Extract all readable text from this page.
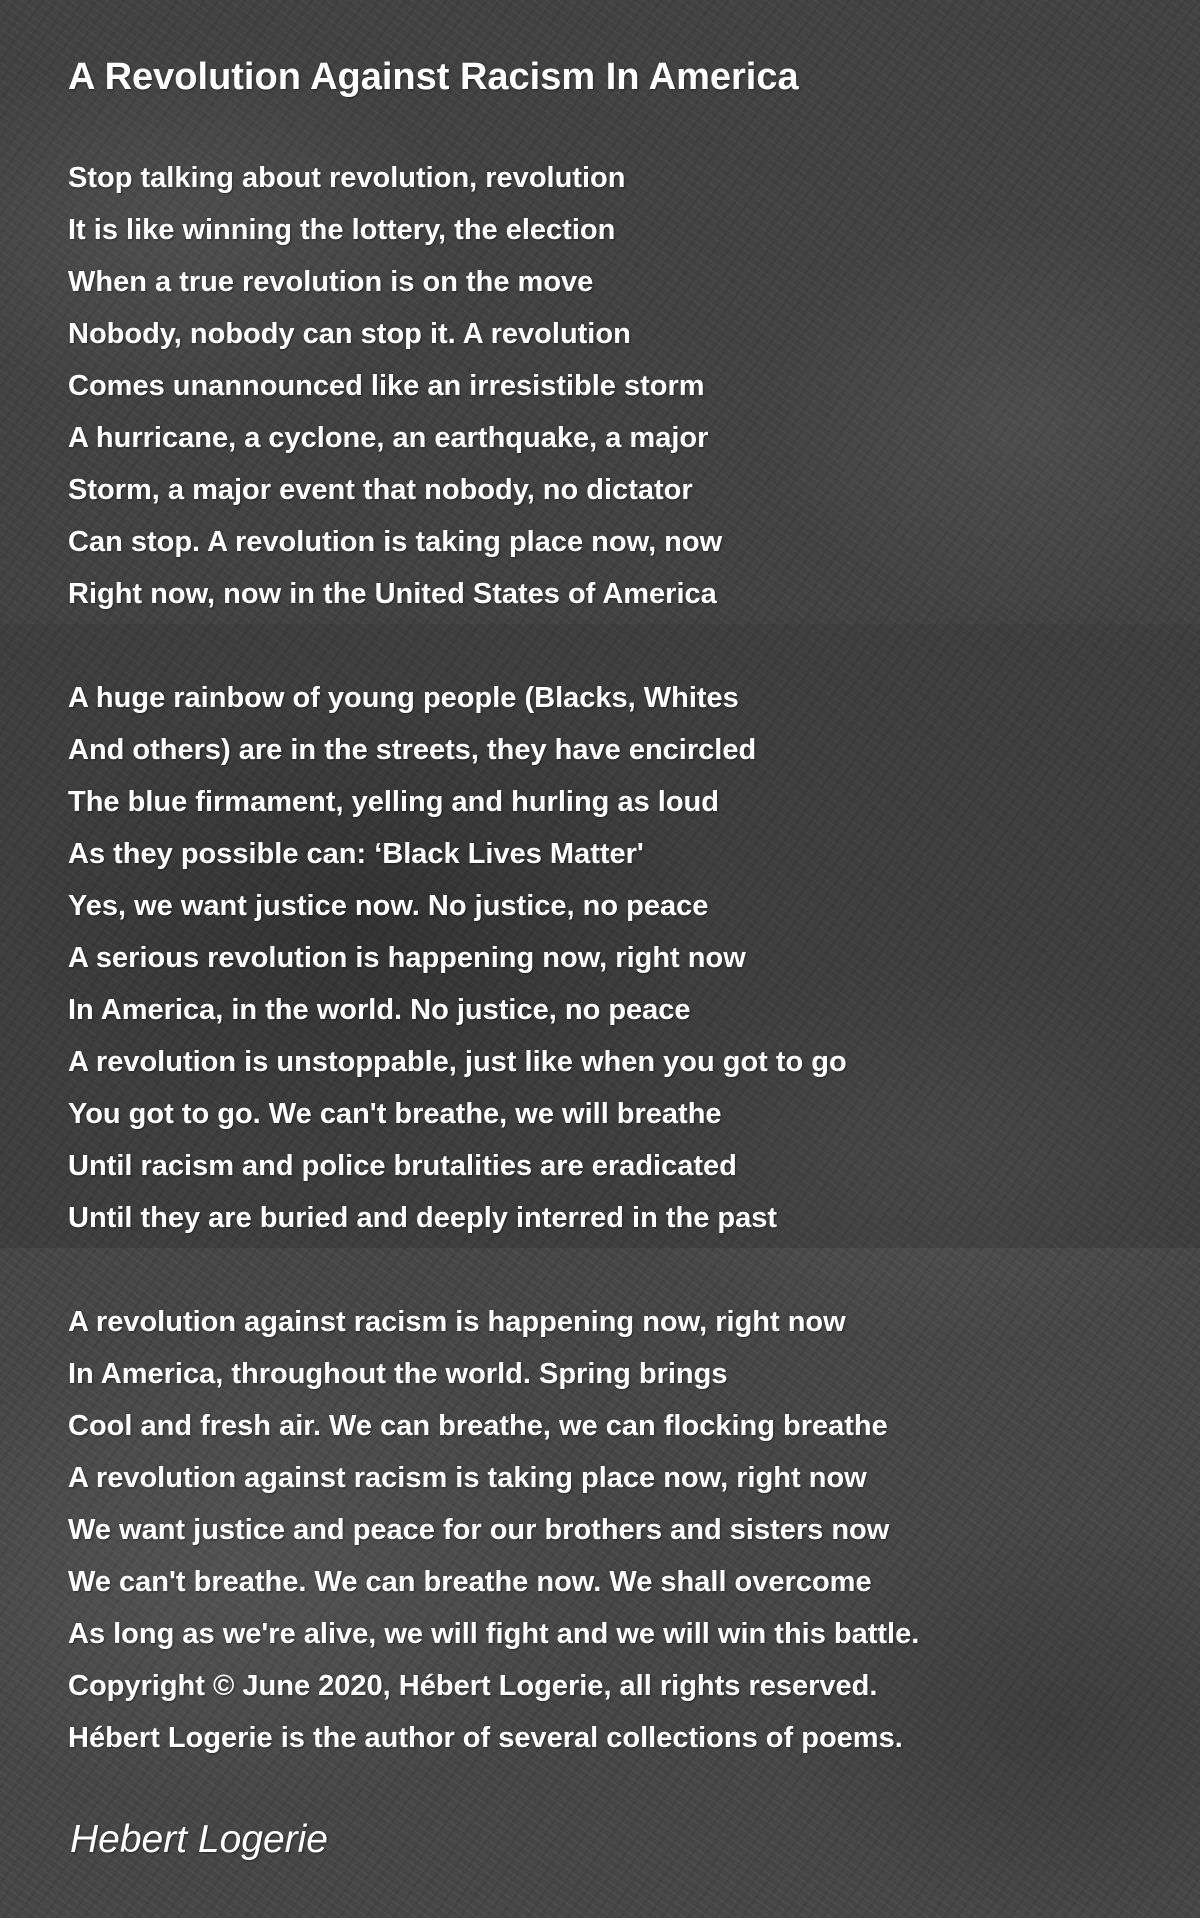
A Revolution Against Racism In America
Stop talking about revolution, revolution
It is like winning the lottery, the election
When a true revolution is on the move
Nobody, nobody can stop it. A revolution
Comes unannounced like an irresistible storm
A hurricane, a cyclone, an earthquake, a major
Storm, a major event that nobody, no dictator
Can stop. A revolution is taking place now, now
Right now, now in the United States of America
A huge rainbow of young people (Blacks, Whites
And others) are in the streets, they have encircled
The blue firmament, yelling and hurling as loud
As they possible can: ‘Black Lives Matter'
Yes, we want justice now. No justice, no peace
A serious revolution is happening now, right now
In America, in the world. No justice, no peace
A revolution is unstoppable, just like when you got to go
You got to go. We can't breathe, we will breathe
Until racism and police brutalities are eradicated
Until they are buried and deeply interred in the past
A revolution against racism is happening now, right now
In America, throughout the world. Spring brings
Cool and fresh air. We can breathe, we can flocking breathe
A revolution against racism is taking place now, right now
We want justice and peace for our brothers and sisters now
We can't breathe. We can breathe now. We shall overcome
As long as we're alive, we will fight and we will win this battle.
Copyright © June 2020, Hébert Logerie, all rights reserved.
Hébert Logerie is the author of several collections of poems.
Hebert Logerie
